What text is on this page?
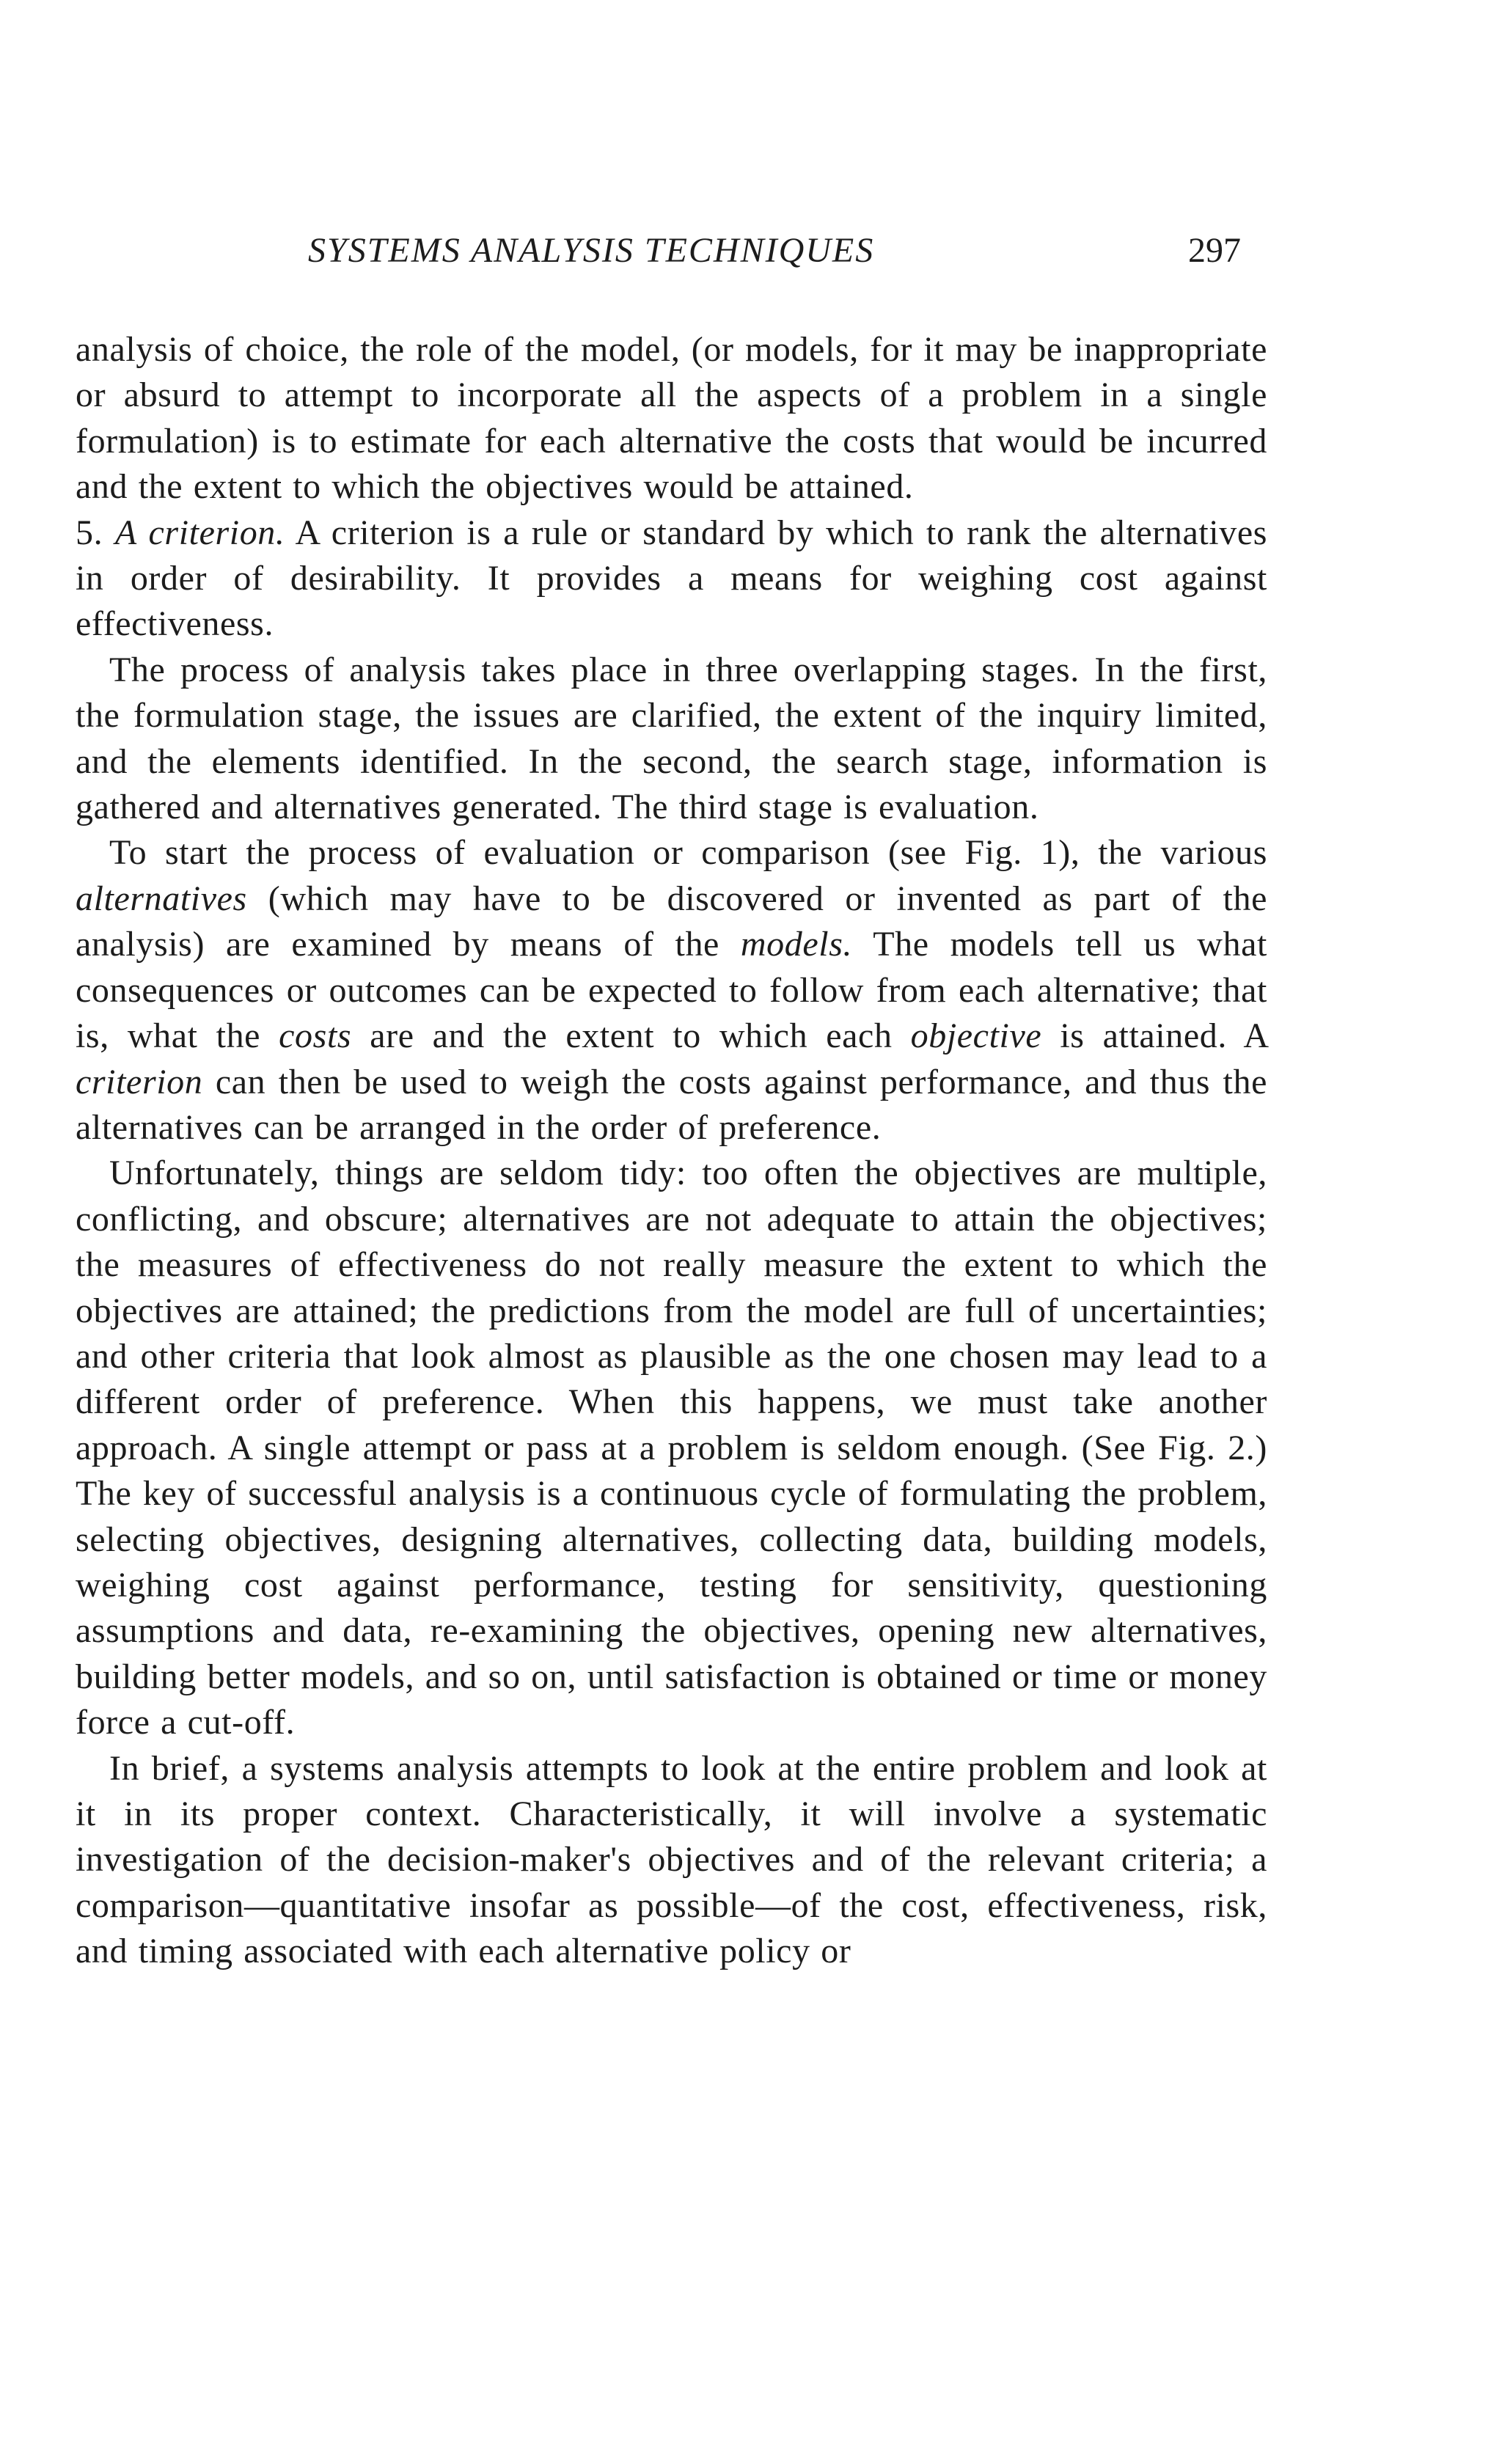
SYSTEMS ANALYSIS TECHNIQUES	297

analysis of choice, the role of the model, (or models, for it may be inappropriate or absurd to attempt to incorporate all the aspects of a problem in a single formulation) is to estimate for each alternative the costs that would be incurred and the extent to which the objectives would be attained.

5. A criterion. A criterion is a rule or standard by which to rank the alternatives in order of desirability. It provides a means for weighing cost against effectiveness.

The process of analysis takes place in three overlapping stages. In the first, the formulation stage, the issues are clarified, the extent of the inquiry limited, and the elements identified. In the second, the search stage, information is gathered and alternatives generated. The third stage is evaluation.

To start the process of evaluation or comparison (see Fig. 1), the various alternatives (which may have to be discovered or invented as part of the analysis) are examined by means of the models. The models tell us what consequences or outcomes can be expected to follow from each alternative; that is, what the costs are and the extent to which each objective is attained. A criterion can then be used to weigh the costs against performance, and thus the alternatives can be arranged in the order of preference.

Unfortunately, things are seldom tidy: too often the objectives are multiple, conflicting, and obscure; alternatives are not adequate to attain the objectives; the measures of effectiveness do not really measure the extent to which the objectives are attained; the predictions from the model are full of uncertainties; and other criteria that look almost as plausible as the one chosen may lead to a different order of preference. When this happens, we must take another approach. A single attempt or pass at a problem is seldom enough. (See Fig. 2.) The key of successful analysis is a continuous cycle of formulating the problem, selecting objectives, designing alternatives, collecting data, building models, weighing cost against performance, testing for sensitivity, questioning assumptions and data, re-examining the objectives, opening new alternatives, building better models, and so on, until satisfaction is obtained or time or money force a cut-off.

In brief, a systems analysis attempts to look at the entire problem and look at it in its proper context. Characteristically, it will involve a systematic investigation of the decision-maker's objectives and of the relevant criteria; a comparison—quantitative insofar as possible—of the cost, effectiveness, risk, and timing associated with each alternative policy or
